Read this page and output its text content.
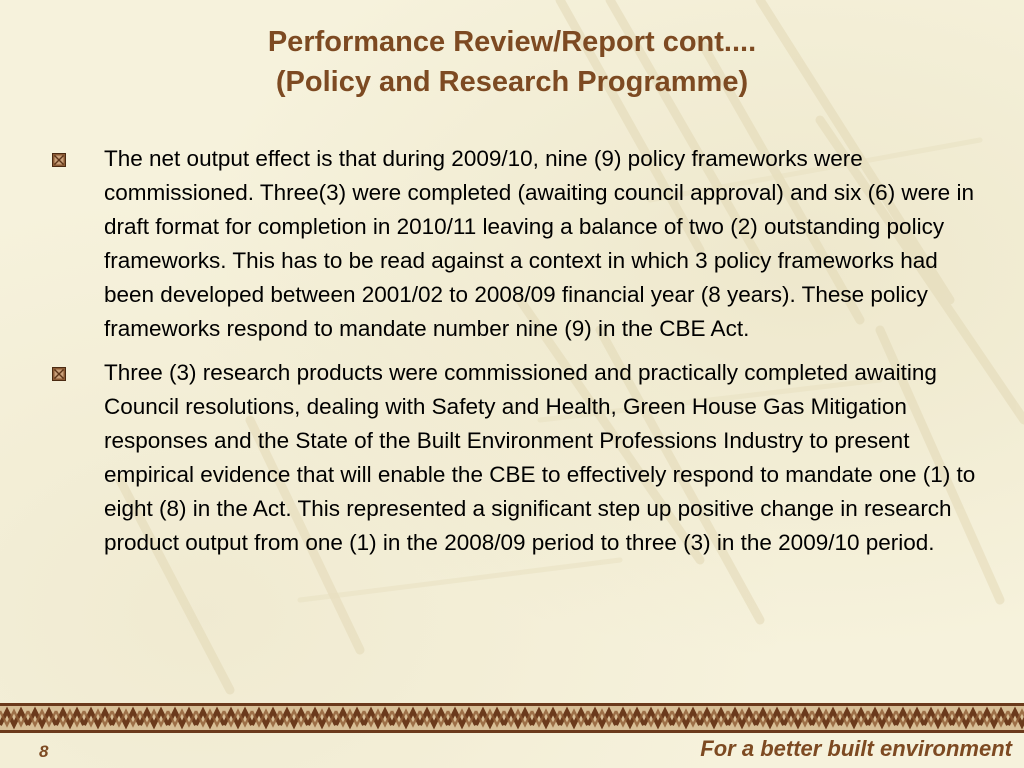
Performance Review/Report cont....
(Policy and Research Programme)
The net output effect is that during 2009/10, nine (9) policy frameworks were commissioned. Three(3) were completed (awaiting council approval) and six (6) were in draft format for completion in 2010/11 leaving a balance of two (2) outstanding policy frameworks. This has to be read against a context in which 3 policy frameworks had been developed between 2001/02 to 2008/09 financial year (8 years). These policy frameworks respond to mandate number nine (9) in the CBE Act.
Three (3) research products were commissioned and practically completed awaiting Council resolutions, dealing with Safety and Health, Green House Gas Mitigation responses and the State of the Built Environment Professions Industry to present empirical evidence that will enable the CBE to effectively respond to mandate one (1) to eight (8) in the Act. This represented a significant step up positive change in research product output from one (1) in the 2008/09 period to three (3) in the 2009/10 period.
8	For a better built environment
